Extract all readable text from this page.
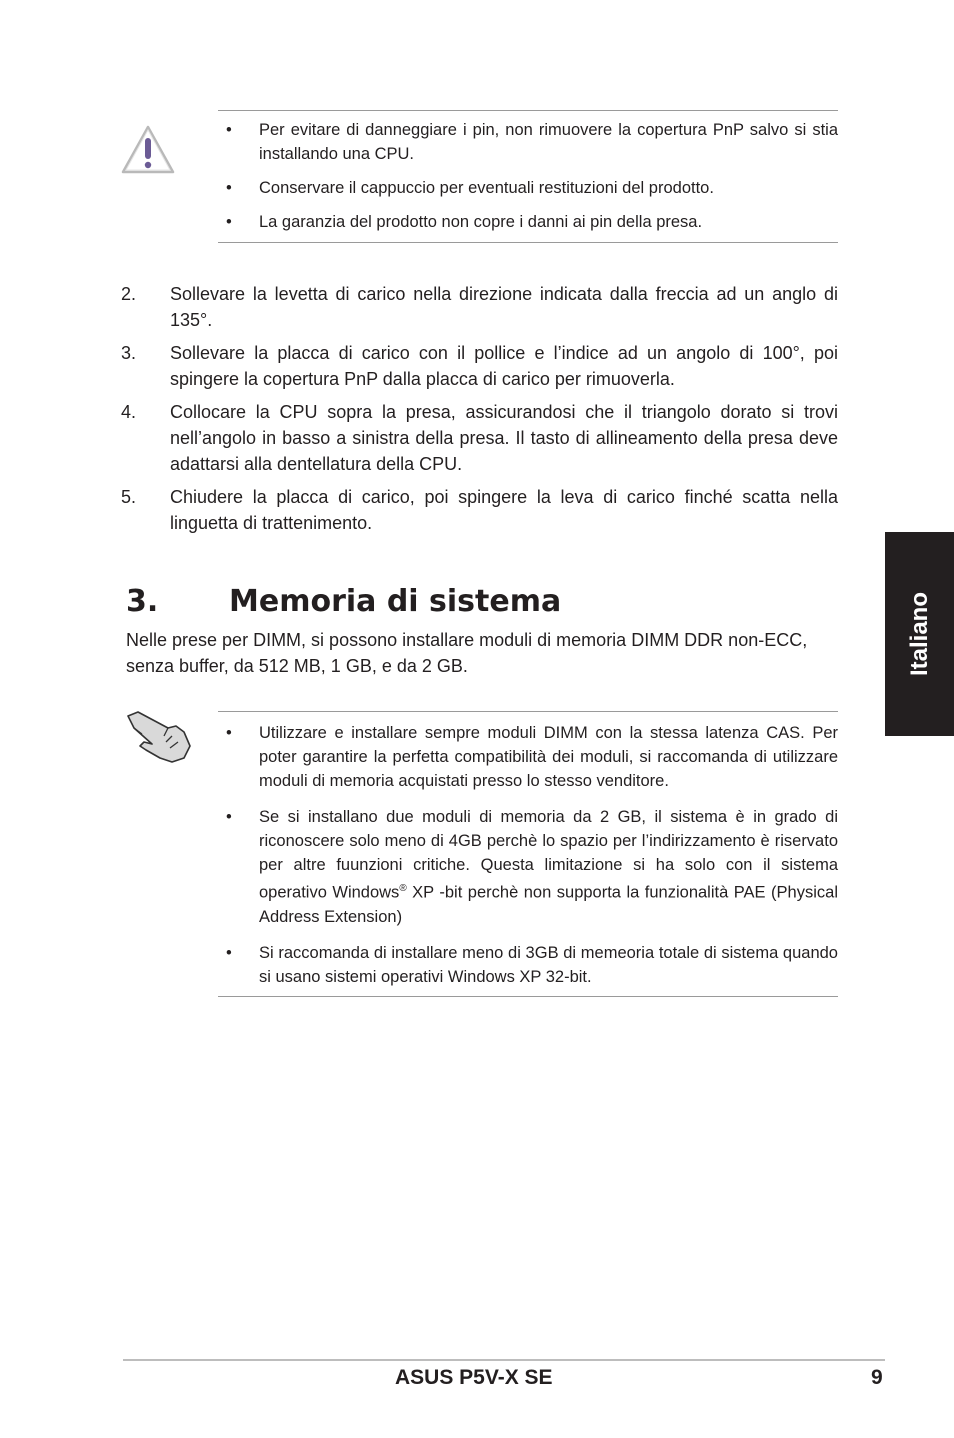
• Per evitare di danneggiare i pin, non rimuovere la copertura PnP salvo si stia installando una CPU.
• Conservare il cappuccio per eventuali restituzioni del prodotto.
• La garanzia del prodotto non copre i danni ai pin della presa.
2. Sollevare la levetta di carico nella direzione indicata dalla freccia ad un anglo di 135°.
3. Sollevare la placca di carico con il pollice e l’indice ad un angolo di 100°, poi spingere la copertura PnP dalla placca di carico per rimuoverla.
4. Collocare la CPU sopra la presa, assicurandosi che il triangolo dorato si trovi nell’angolo in basso a sinistra della presa. Il tasto di allineamento della presa deve adattarsi alla dentellatura della CPU.
5. Chiudere la placca di carico, poi spingere la leva di carico finché scatta nella linguetta di trattenimento.
3. Memoria di sistema
Nelle prese per DIMM, si possono installare moduli di memoria DIMM DDR non-ECC, senza buffer, da 512 MB, 1 GB, e da 2 GB.
• Utilizzare e installare sempre moduli DIMM con la stessa latenza CAS. Per poter garantire la perfetta compatibilità dei moduli, si raccomanda di utilizzare moduli di memoria acquistati presso lo stesso venditore.
• Se si installano due moduli di memoria da 2 GB, il sistema è in grado di riconoscere solo meno di 4GB perchè lo spazio per l’indirizzamento è riservato per altre fuunzioni critiche. Questa limitazione si ha solo con il sistema operativo Windows® XP -bit perchè non supporta la funzionalità PAE (Physical Address Extension)
• Si raccomanda di installare meno di 3GB di memeoria totale di sistema quando si usano sistemi operativi Windows XP 32-bit.
Italiano
ASUS P5V-X SE	9
